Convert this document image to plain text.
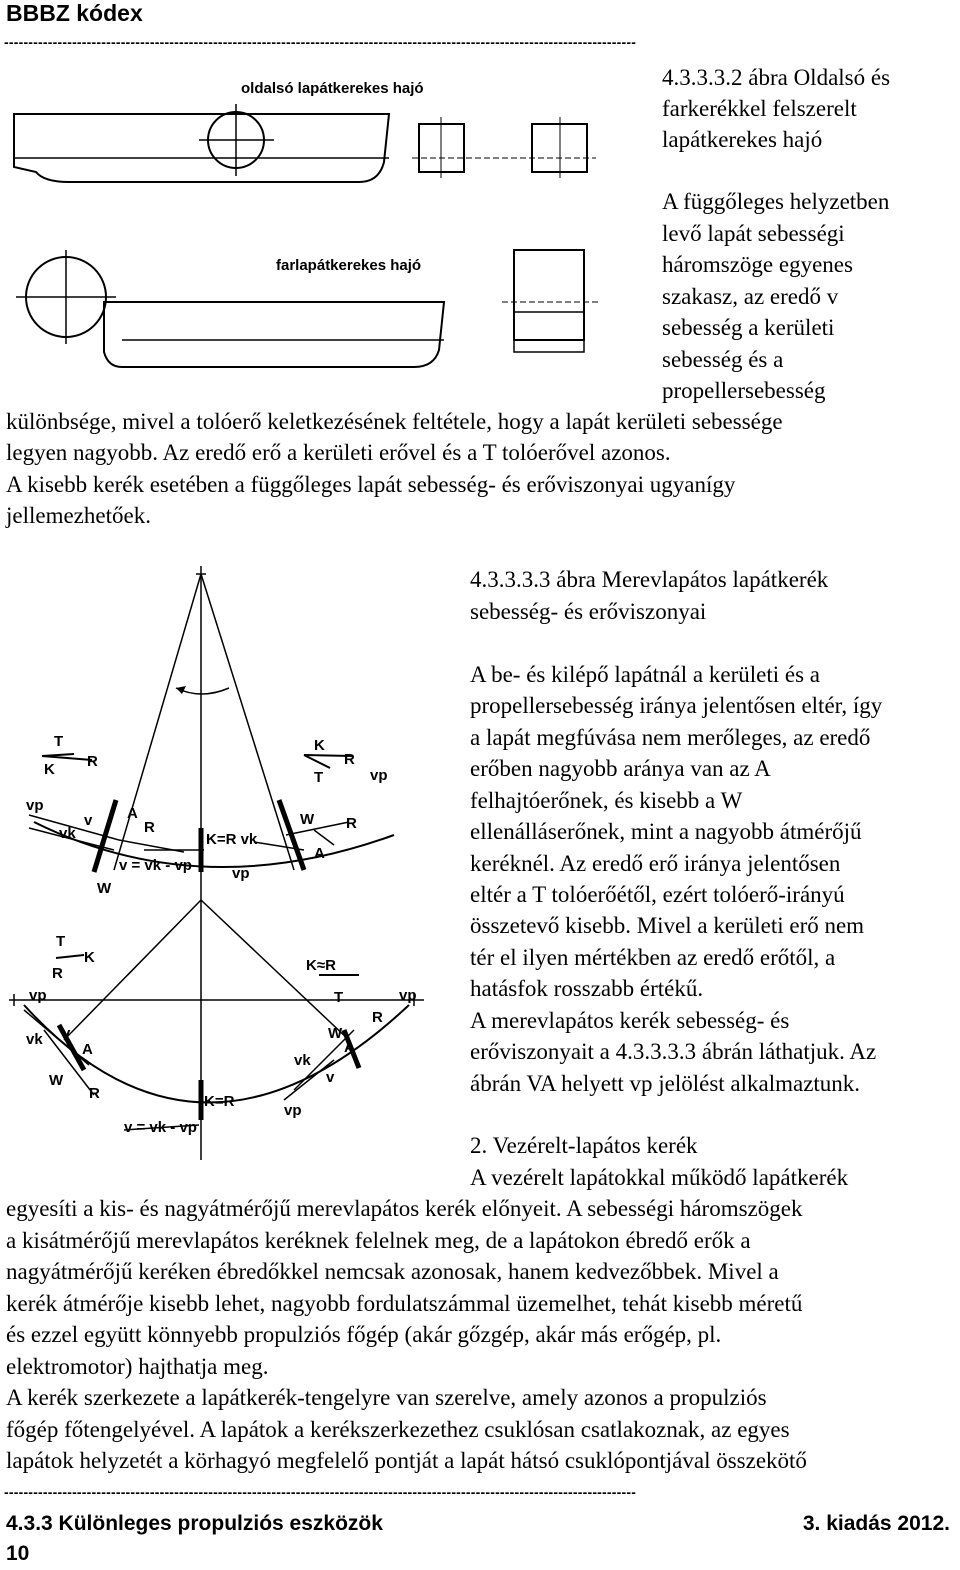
BBBZ kódex
----------------------------------------------------------------------------------------------------------------------------------
oldalsó lapátkerekes hajó
farlapátkerekes hajó
4.3.3.3.2 ábra Oldalsó és
farkerékkel felszerelt
lapátkerekes hajó
A függőleges helyzetben
levő lapát sebességi
háromszöge egyenes
szakasz, az eredő v
sebesség a kerületi
sebesség és a
propellersebesség
különbsége, mivel a tolóerő keletkezésének feltétele, hogy a lapát kerületi sebessége
legyen nagyobb. Az eredő erő a kerületi erővel és a T tolóerővel azonos.
A kisebb kerék esetében a függőleges lapát sebesség- és erőviszonyai ugyanígy
jellemezhetőek.
T
K R
vp
vk
v A
R
W
K=R vk
v = vk - vp	vp
K
R
T	vp
W R
A
T
K
R
vp
vk v
A
W
R
K≈R
T	vp
R
W
A
vk
v
vp
K=R
v = vk - vp
4.3.3.3.3 ábra Merevlapátos lapátkerék
sebesség- és erőviszonyai
A be- és kilépő lapátnál a kerületi és a
propellersebesség iránya jelentősen eltér, így
a lapát megfúvása nem merőleges, az eredő
erőben nagyobb aránya van az A
felhajtóerőnek, és kisebb a W
ellenálláserőnek, mint a nagyobb átmérőjű
keréknél. Az eredő erő iránya jelentősen
eltér a T tolóerőétől, ezért tolóerő-irányú
összetevő kisebb. Mivel a kerületi erő nem
tér el ilyen mértékben az eredő erőtől, a
hatásfok rosszabb értékű.
A merevlapátos kerék sebesség- és
erőviszonyait a 4.3.3.3.3 ábrán láthatjuk. Az
ábrán VA helyett vp jelölést alkalmaztunk.
2. Vezérelt-lapátos kerék
A vezérelt lapátokkal működő lapátkerék
egyesíti a kis- és nagyátmérőjű merevlapátos kerék előnyeit. A sebességi háromszögek
a kisátmérőjű merevlapátos keréknek felelnek meg, de a lapátokon ébredő erők a
nagyátmérőjű keréken ébredőkkel nemcsak azonosak, hanem kedvezőbbek. Mivel a
kerék átmérője kisebb lehet, nagyobb fordulatszámmal üzemelhet, tehát kisebb méretű
és ezzel együtt könnyebb propulziós főgép (akár gőzgép, akár más erőgép, pl.
elektromotor) hajthatja meg.
A kerék szerkezete a lapátkerék-tengelyre van szerelve, amely azonos a propulziós
főgép főtengelyével. A lapátok a kerékszerkezethez csuklósan csatlakoznak, az egyes
lapátok helyzetét a körhagyó megfelelő pontját a lapát hátsó csuklópontjával összekötő
----------------------------------------------------------------------------------------------------------------------------------
4.3.3 Különleges propulziós eszközök	3. kiadás 2012.
10
